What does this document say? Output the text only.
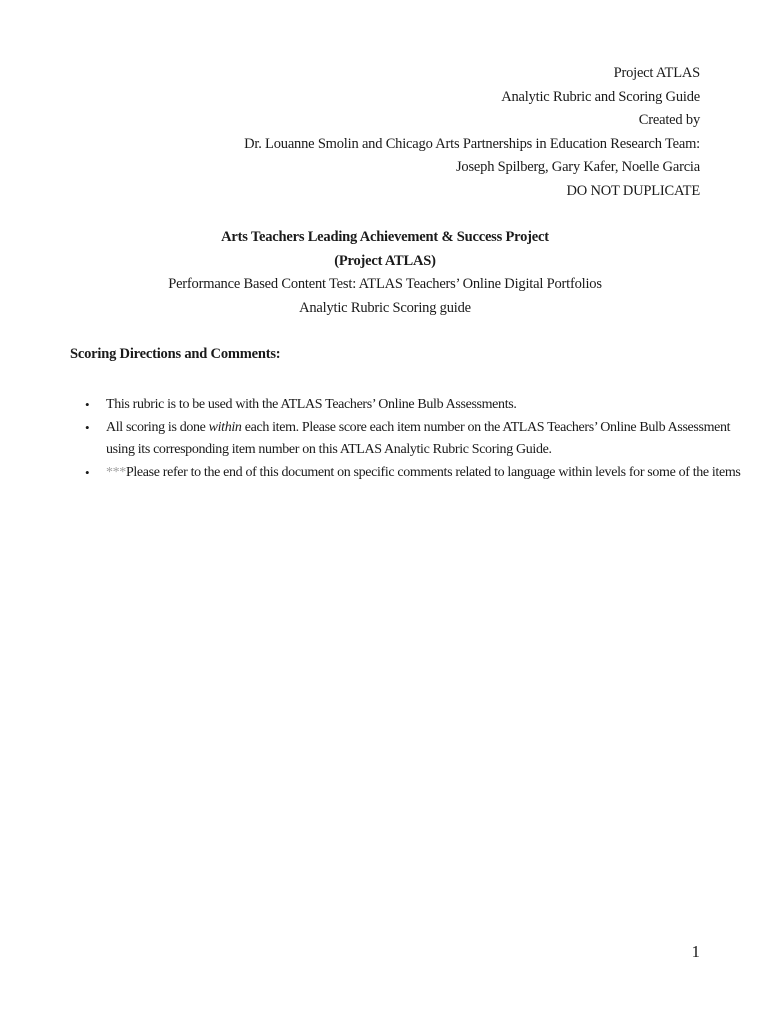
Project ATLAS
Analytic Rubric and Scoring Guide
Created by
Dr. Louanne Smolin and Chicago Arts Partnerships in Education Research Team:
Joseph Spilberg, Gary Kafer, Noelle Garcia
DO NOT DUPLICATE
Arts Teachers Leading Achievement & Success Project
(Project ATLAS)
Performance Based Content Test: ATLAS Teachers’ Online Digital Portfolios
Analytic Rubric Scoring guide
Scoring Directions and Comments:
• This rubric is to be used with the ATLAS Teachers’ Online Bulb Assessments.
• All scoring is done within each item. Please score each item number on the ATLAS Teachers’ Online Bulb Assessment
using its corresponding item number on this ATLAS Analytic Rubric Scoring Guide.
• ***Please refer to the end of this document on specific comments related to language within levels for some of the items
1
